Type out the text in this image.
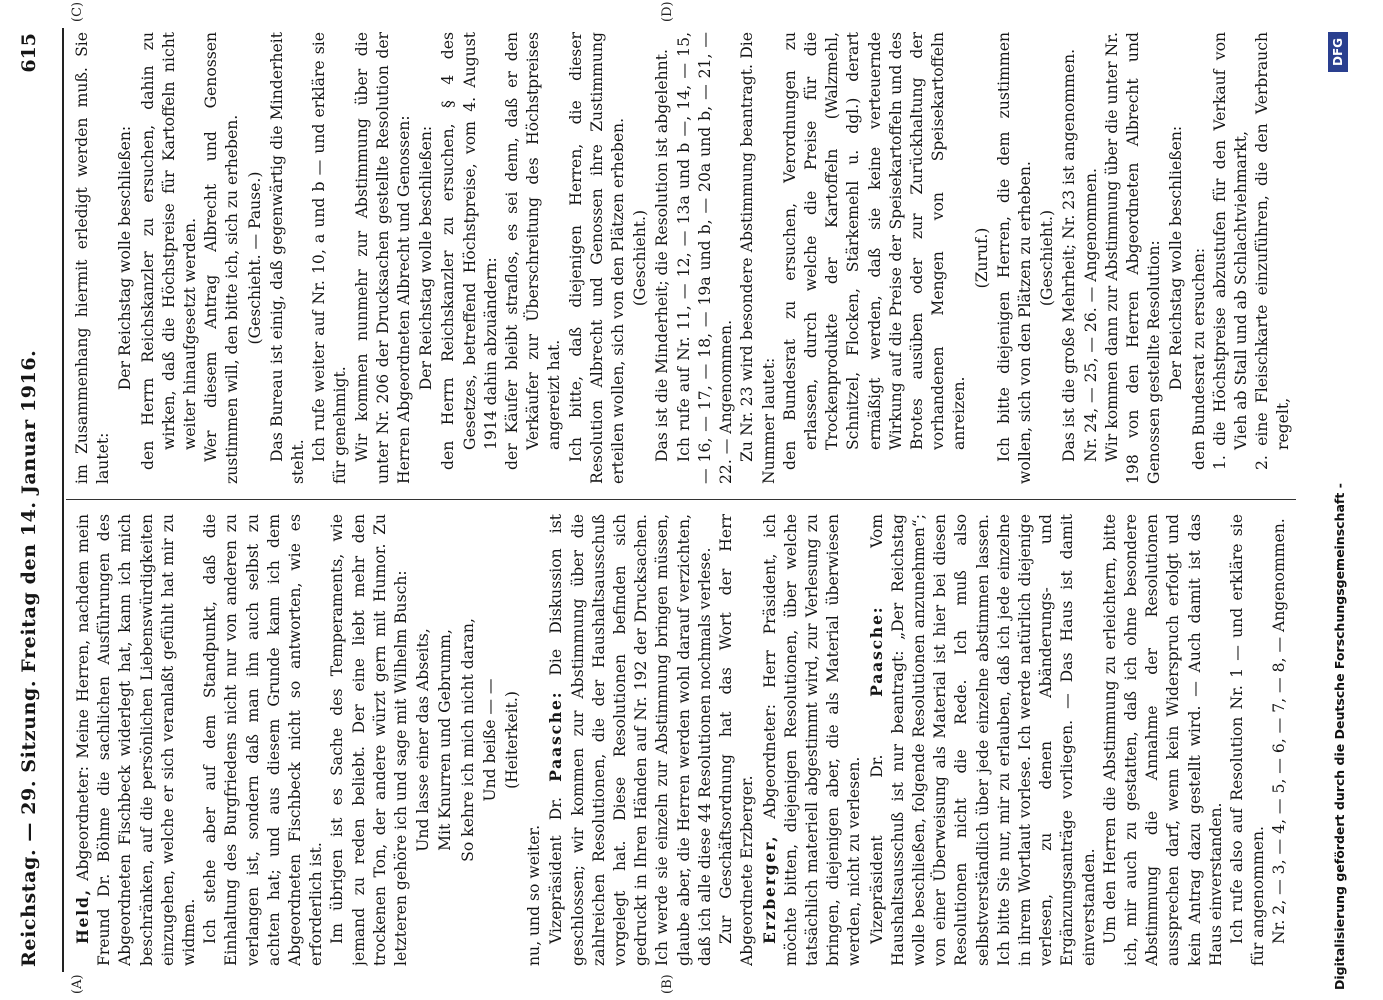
Reichstag. — 29. Sitzung. Freitag den 14. Januar 1916.
615
(A)	(B)
(C)	(D)

Held, Abgeordneter: Meine Herren, nachdem mein Freund Dr. Böhme die sachlichen Ausführungen des Abgeordneten Fischbeck widerlegt hat, kann ich mich beschränken, auf die persönlichen Liebenswürdigkeiten einzugehen, welche er sich veranlaßt gefühlt hat mir zu widmen. Ich stehe aber auf dem Standpunkt, daß die Einhaltung des Burgfriedens nicht nur von anderen zu verlangen ist, sondern daß man ihn auch selbst zu achten hat; und aus diesem Grunde kann ich dem Abgeordneten Fischbeck nicht so antworten, wie es erforderlich ist. Im übrigen ist es Sache des Temperaments, wie jemand zu reden beliebt. Der eine liebt mehr den trockenen Ton, der andere würzt gern mit Humor. Zu letzteren gehöre ich und sage mit Wilhelm Busch: Und lasse einer das Abseits, Mit Knurren und Gebrumm, So kehre ich mich nicht daran, Und beiße — — (Heiterkeit.)

nu, und so weiter. Vizepräsident Dr. Paasche: Die Diskussion ist geschlossen; wir kommen zur Abstimmung über die zahlreichen Resolutionen, die der Haushaltsausschuß vorgelegt hat. Diese Resolutionen befinden sich gedruckt in Ihren Händen auf Nr. 192 der Drucksachen. Ich werde sie einzeln zur Abstimmung bringen müssen, glaube aber, die Herren werden wohl darauf verzichten, daß ich alle diese 44 Resolutionen nochmals verlese. Zur Geschäftsordnung hat das Wort der Herr Abgeordnete Erzberger. Erzberger, Abgeordneter: Herr Präsident, ich möchte bitten, diejenigen Resolutionen, über welche tatsächlich materiell abgestimmt wird, zur Verlesung zu bringen, diejenigen aber, die als Material überwiesen werden, nicht zu verlesen. Vizepräsident Dr. Paasche: Vom Haushaltsausschuß ist nur beantragt: „Der Reichstag wolle beschließen, folgende Resolutionen anzunehmen“; von einer Überweisung als Material ist hier bei diesen Resolutionen nicht die Rede. Ich muß also selbstverständlich über jede einzelne abstimmen lassen. Ich bitte Sie nur, mir zu erlauben, daß ich jede einzelne in ihrem Wortlaut vorlese. Ich werde natürlich diejenige verlesen, zu denen Abänderungs- und Ergänzungsanträge vorliegen. — Das Haus ist damit einverstanden. Um den Herren die Abstimmung zu erleichtern, bitte ich, mir auch zu gestatten, daß ich ohne besondere Abstimmung die Annahme der Resolutionen aussprechen darf, wenn kein Widerspruch erfolgt und kein Antrag dazu gestellt wird. — Auch damit ist das Haus einverstanden. Ich rufe also auf Resolution Nr. 1 — und erkläre sie für angenommen. Nr. 2, — 3, — 4, — 5, — 6, — 7, — 8, — Angenommen.

im Zusammenhang hiermit erledigt werden muß. Sie lautet:

Der Reichstag wolle beschließen: den Herrn Reichskanzler zu ersuchen, dahin zu wirken, daß die Höchstpreise für Kartoffeln nicht weiter hinaufgesetzt werden. Wer diesem Antrag Albrecht und Genossen zustimmen will, den bitte ich, sich zu erheben. (Geschieht. — Pause.) Das Bureau ist einig, daß gegenwärtig die Minderheit steht. Ich rufe weiter auf Nr. 10, a und b — und erkläre sie für genehmigt. Wir kommen nunmehr zur Abstimmung über die unter Nr. 206 der Drucksachen gestellte Resolution der Herren Abgeordneten Albrecht und Genossen: Der Reichstag wolle beschließen: den Herrn Reichskanzler zu ersuchen, § 4 des Gesetzes, betreffend Höchstpreise, vom 4. August 1914 dahin abzuändern: der Käufer bleibt straflos, es sei denn, daß er den Verkäufer zur Überschreitung des Höchstpreises angereizt hat. Ich bitte, daß diejenigen Herren, die dieser Resolution Albrecht und Genossen ihre Zustimmung erteilen wollen, sich von den Plätzen erheben. (Geschieht.) Das ist die Minderheit; die Resolution ist abgelehnt. Ich rufe auf Nr. 11, — 12, — 13a und b —, 14, — 15, — 16, — 17, — 18, — 19a und b, — 20a und b, — 21, — 22. — Angenommen. Zu Nr. 23 wird besondere Abstimmung beantragt. Die Nummer lautet: den Bundesrat zu ersuchen, Verordnungen zu erlassen, durch welche die Preise für die Trockenprodukte der Kartoffeln (Walzmehl, Schnitzel, Flocken, Stärkemehl u. dgl.) derart ermäßigt werden, daß sie keine verteuernde Wirkung auf die Preise der Speisekartoffeln und des Brotes ausüben oder zur Zurückhaltung der vorhandenen Mengen von Speisekartoffeln anreizen.

(Zuruf.) Ich bitte diejenigen Herren, die dem zustimmen wollen, sich von den Plätzen zu erheben. (Geschieht.) Das ist die große Mehrheit; Nr. 23 ist angenommen. Nr. 24, — 25, — 26. — Angenommen. Wir kommen dann zur Abstimmung über die unter Nr. 198 von den Herren Abgeordneten Albrecht und Genossen gestellte Resolution: Der Reichstag wolle beschließen: den Bundesrat zu ersuchen: 1. die Höchstpreise abzustufen für den Verkauf von Vieh ab Stall und ab Schlachtviehmarkt, 2. eine Fleischkarte einzuführen, die den Verbrauch regelt,

Digitalisierung gefördert durch die Deutsche Forschungsgemeinschaft -
DFG
